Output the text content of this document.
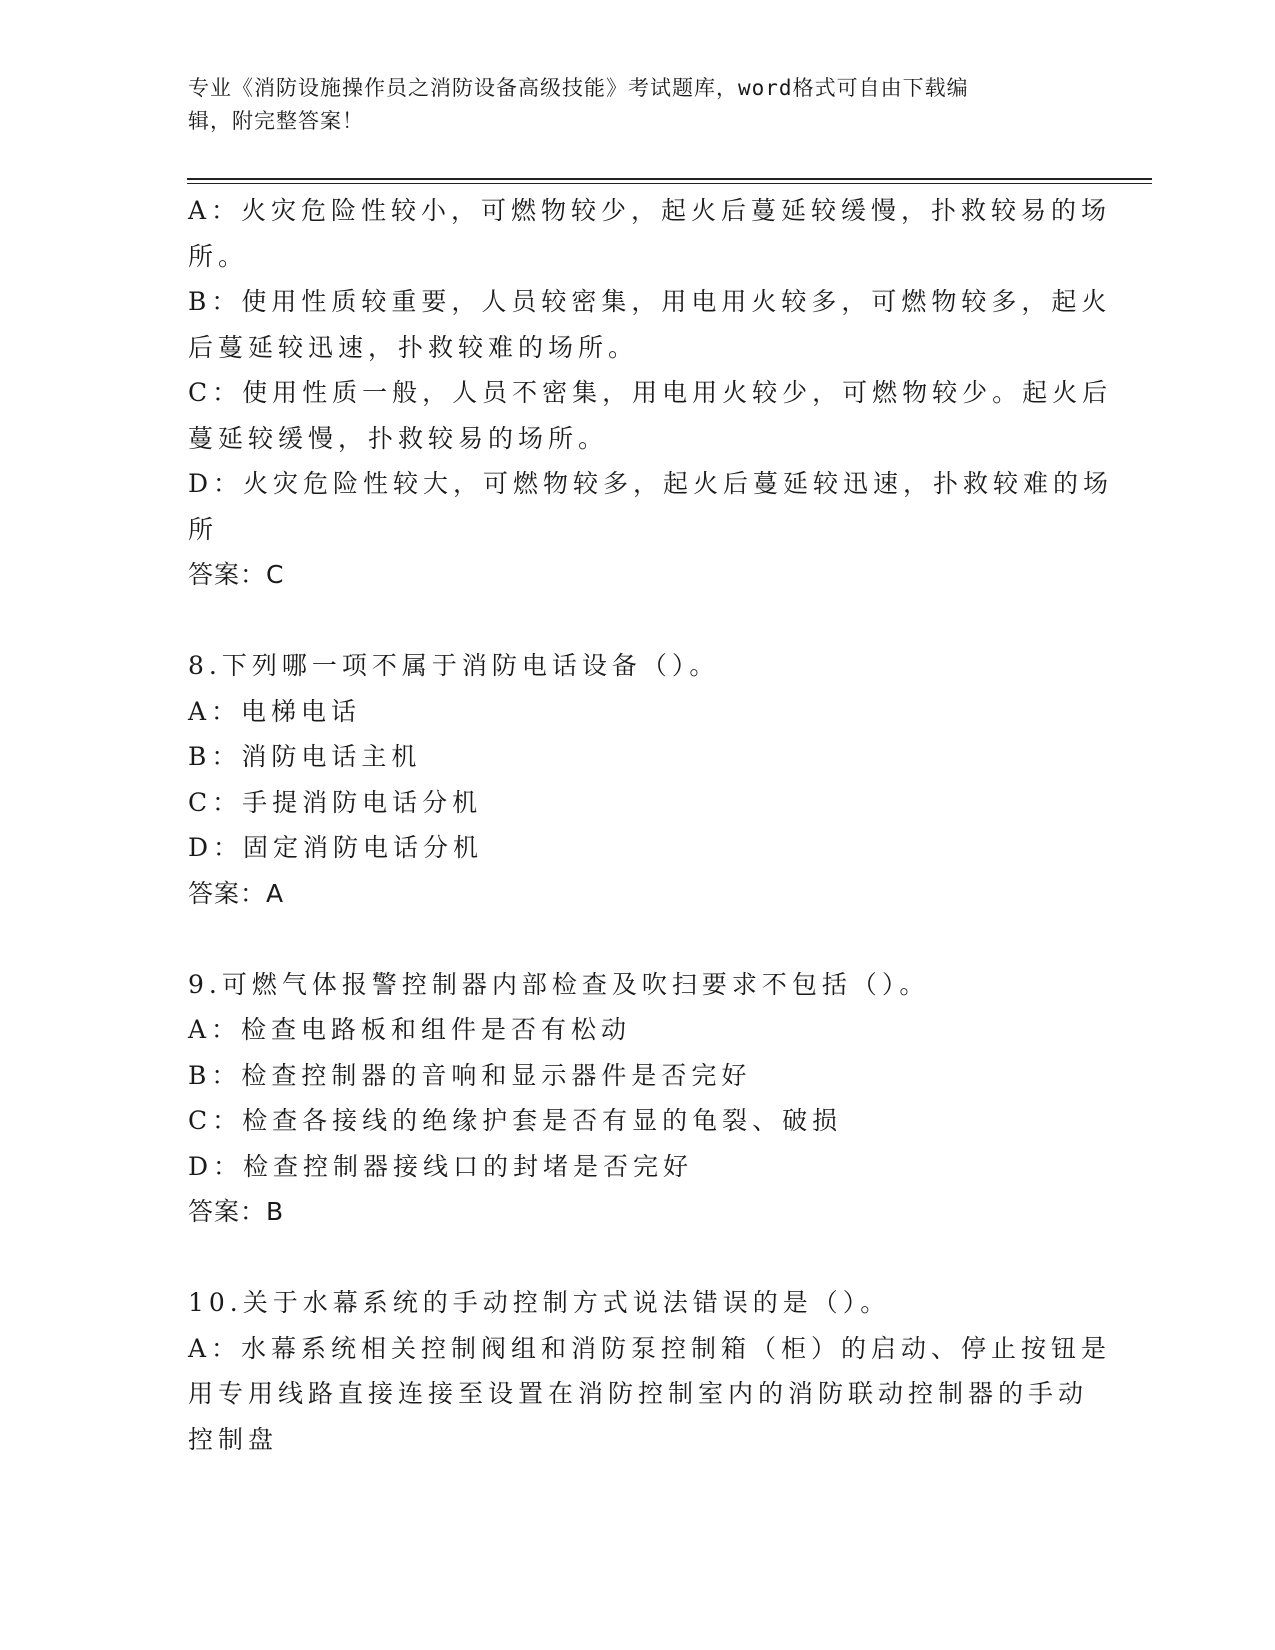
专业《消防设施操作员之消防设备高级技能》考试题库，word格式可自由下载编
辑，附完整答案！
A：火灾危险性较小，可燃物较少，起火后蔓延较缓慢，扑救较易的场
所。
B：使用性质较重要，人员较密集，用电用火较多，可燃物较多，起火
后蔓延较迅速，扑救较难的场所。
C：使用性质一般，人员不密集，用电用火较少，可燃物较少。起火后
蔓延较缓慢，扑救较易的场所。
D：火灾危险性较大，可燃物较多，起火后蔓延较迅速，扑救较难的场
所
答案：C
8.下列哪一项不属于消防电话设备（）。
A：电梯电话
B：消防电话主机
C：手提消防电话分机
D：固定消防电话分机
答案：A
9.可燃气体报警控制器内部检查及吹扫要求不包括（）。
A：检查电路板和组件是否有松动
B：检查控制器的音响和显示器件是否完好
C：检查各接线的绝缘护套是否有显的龟裂、破损
D：检查控制器接线口的封堵是否完好
答案：B
10.关于水幕系统的手动控制方式说法错误的是（）。
A：水幕系统相关控制阀组和消防泵控制箱（柜）的启动、停止按钮是
用专用线路直接连接至设置在消防控制室内的消防联动控制器的手动
控制盘
